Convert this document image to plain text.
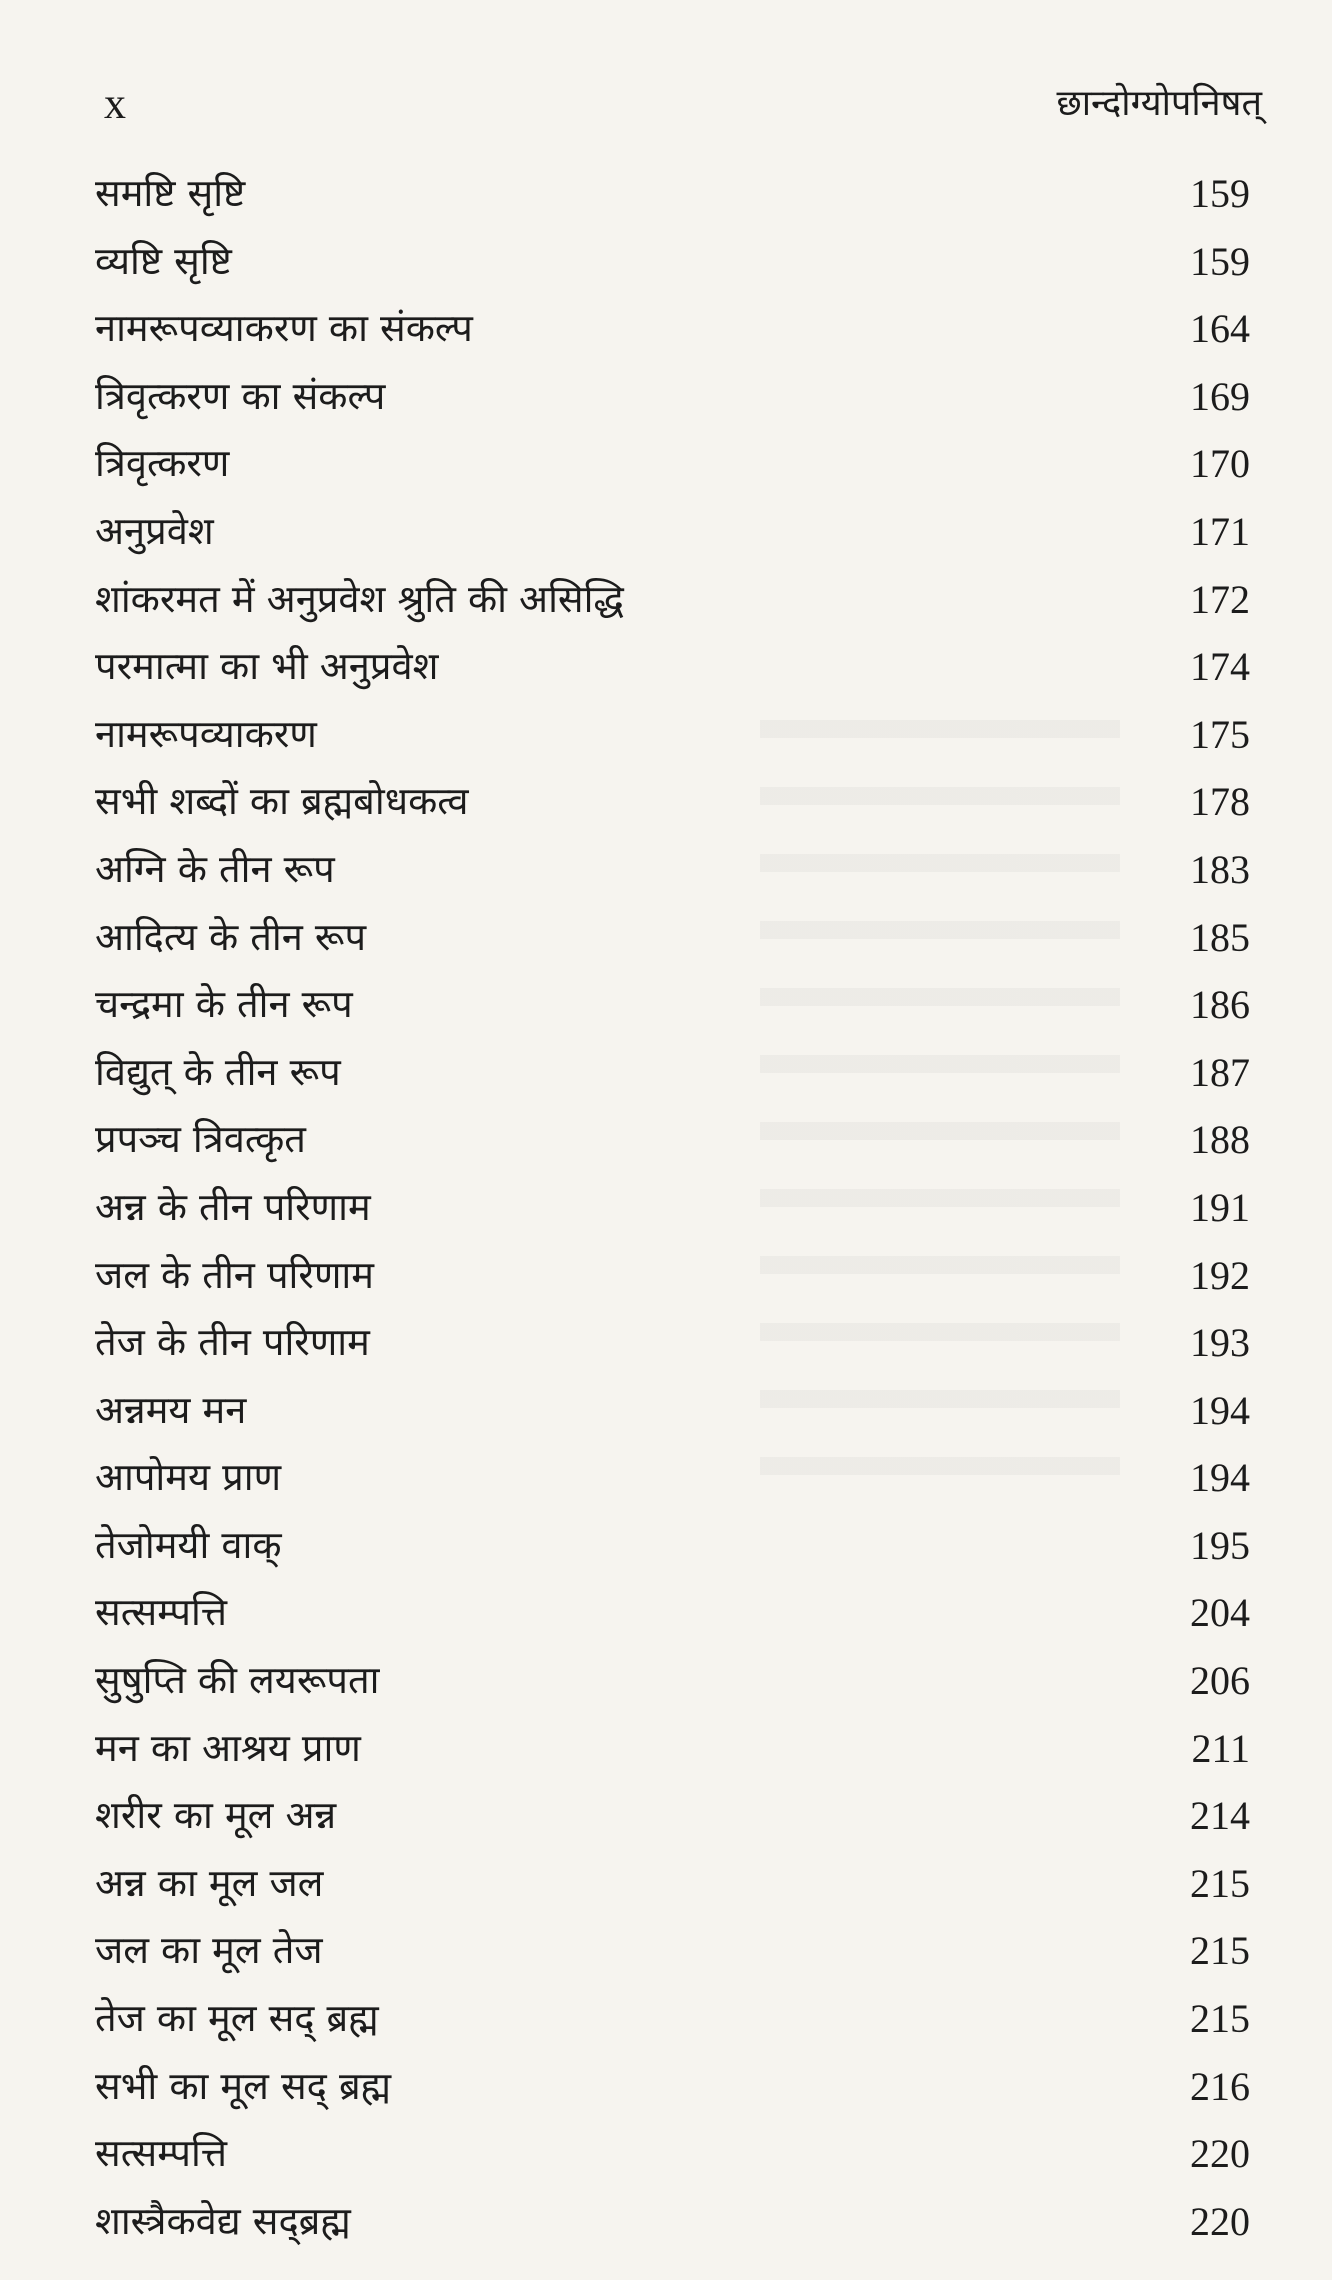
x	छान्दोग्योपनिषत्
समष्टि सृष्टि	159
व्यष्टि सृष्टि	159
नामरूपव्याकरण का संकल्प	164
त्रिवृत्करण का संकल्प	169
त्रिवृत्करण	170
अनुप्रवेश	171
शांकरमत में अनुप्रवेश श्रुति की असिद्धि	172
परमात्मा का भी अनुप्रवेश	174
नामरूपव्याकरण	175
सभी शब्दों का ब्रह्मबोधकत्व	178
अग्नि के तीन रूप	183
आदित्य के तीन रूप	185
चन्द्रमा के तीन रूप	186
विद्युत् के तीन रूप	187
प्रपञ्च त्रिवत्कृत	188
अन्न के तीन परिणाम	191
जल के तीन परिणाम	192
तेज के तीन परिणाम	193
अन्नमय मन	194
आपोमय प्राण	194
तेजोमयी वाक्	195
सत्सम्पत्ति	204
सुषुप्ति की लयरूपता	206
मन का आश्रय प्राण	211
शरीर का मूल अन्न	214
अन्न का मूल जल	215
जल का मूल तेज	215
तेज का मूल सद् ब्रह्म	215
सभी का मूल सद् ब्रह्म	216
सत्सम्पत्ति	220
शास्त्रैकवेद्य सद्ब्रह्म	220
